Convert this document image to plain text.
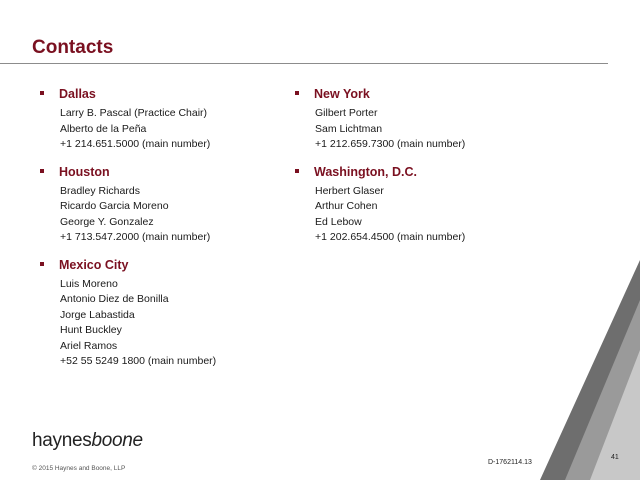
Contacts
Dallas
Larry B. Pascal (Practice Chair)
Alberto de la Peña
+1 214.651.5000 (main number)
Houston
Bradley Richards
Ricardo Garcia Moreno
George Y. Gonzalez
+1 713.547.2000 (main number)
Mexico City
Luis Moreno
Antonio Diez de Bonilla
Jorge Labastida
Hunt Buckley
Ariel Ramos
+52 55 5249 1800 (main number)
New York
Gilbert Porter
Sam Lichtman
+1 212.659.7300 (main number)
Washington, D.C.
Herbert Glaser
Arthur Cohen
Ed Lebow
+1 202.654.4500 (main number)
haynesboone
© 2015 Haynes and Boone, LLP
D-1762114.13
41
